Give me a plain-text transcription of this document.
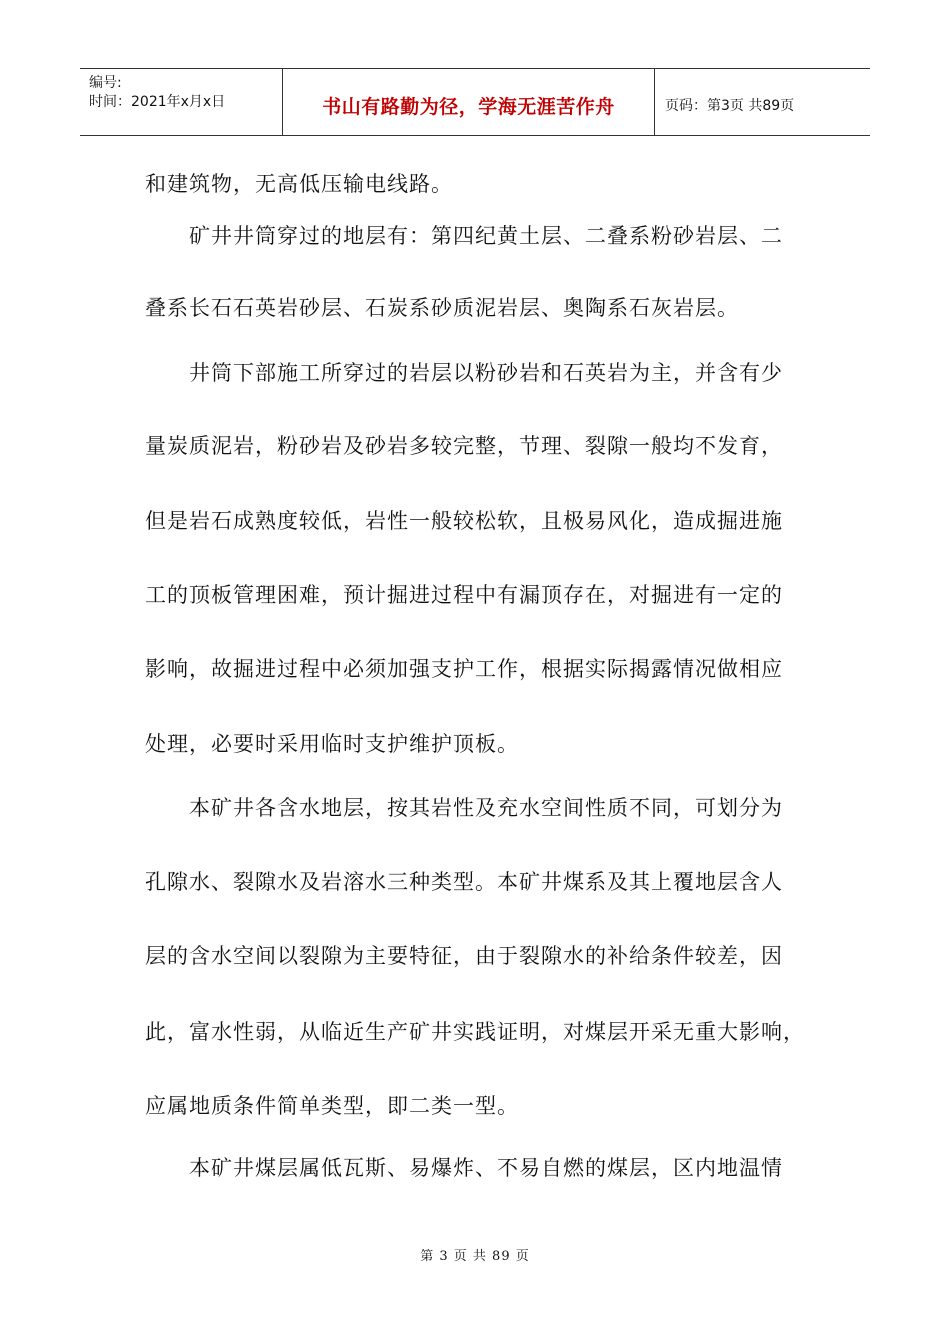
编号:
时间：2021年x月x日	书山有路勤为径，学海无涯苦作舟	页码：第3页 共89页
和建筑物，无高低压输电线路。
　　矿井井筒穿过的地层有：第四纪黄土层、二叠系粉砂岩层、二
叠系长石石英岩砂层、石炭系砂质泥岩层、奥陶系石灰岩层。
　　井筒下部施工所穿过的岩层以粉砂岩和石英岩为主，并含有少
量炭质泥岩，粉砂岩及砂岩多较完整，节理、裂隙一般均不发育，
但是岩石成熟度较低，岩性一般较松软，且极易风化，造成掘进施
工的顶板管理困难，预计掘进过程中有漏顶存在，对掘进有一定的
影响，故掘进过程中必须加强支护工作，根据实际揭露情况做相应
处理，必要时采用临时支护维护顶板。
　　本矿井各含水地层，按其岩性及充水空间性质不同，可划分为
孔隙水、裂隙水及岩溶水三种类型。本矿井煤系及其上覆地层含人
层的含水空间以裂隙为主要特征，由于裂隙水的补给条件较差，因
此，富水性弱，从临近生产矿井实践证明，对煤层开采无重大影响，
应属地质条件简单类型，即二类一型。
　　本矿井煤层属低瓦斯、易爆炸、不易自燃的煤层，区内地温情
第 3 页 共 89 页
